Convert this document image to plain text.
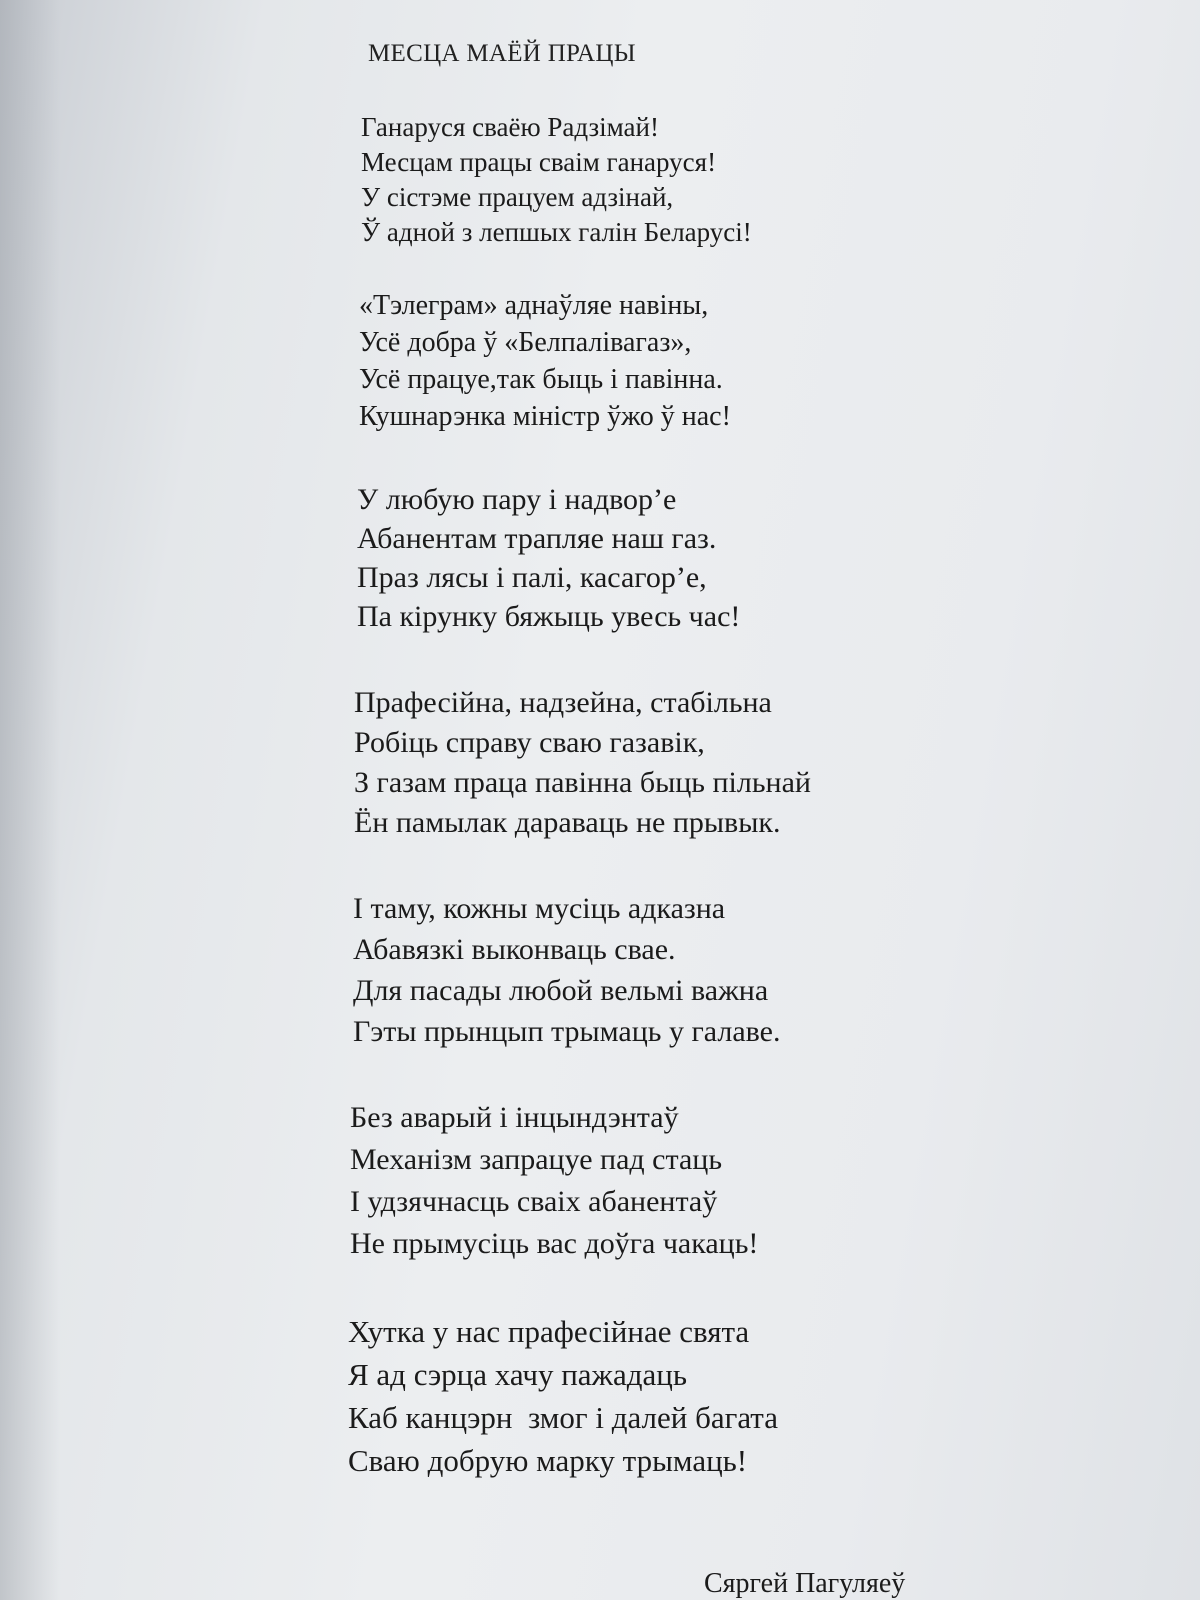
МЕСЦА МАЁЙ ПРАЦЫ
Ганаруся сваёю Радзімай!
Месцам працы сваім ганаруся!
У сістэме працуем адзінай,
Ў адной з лепшых галін Беларусі!
«Тэлеграм» аднаўляе навіны,
Усё добра ў «Белпалівагаз»,
Усё працуе,так быць і павінна.
Кушнарэнка міністр ўжо ў нас!
У любую пару і надвор’е
Абанентам трапляе наш газ.
Праз лясы і палі, касагор’е,
Па кірунку бяжыць увесь час!
Прафесійна, надзейна, стабільна
Робіць справу сваю газавік,
З газам праца павінна быць пільнай
Ён памылак дараваць не прывык.
І таму, кожны мусіць адказна
Абавязкі выконваць свае.
Для пасады любой вельмі важна
Гэты прынцып трымаць у галаве.
Без аварый і інцындэнтаў
Механізм запрацуе пад стаць
І удзячнасць сваіх абанентаў
Не прымусіць вас доўга чакаць!
Хутка у нас прафесійнае свята
Я ад сэрца хачу пажадаць
Каб канцэрн  змог і далей багата
Сваю добрую марку трымаць!

Сяргей Пагуляеў
